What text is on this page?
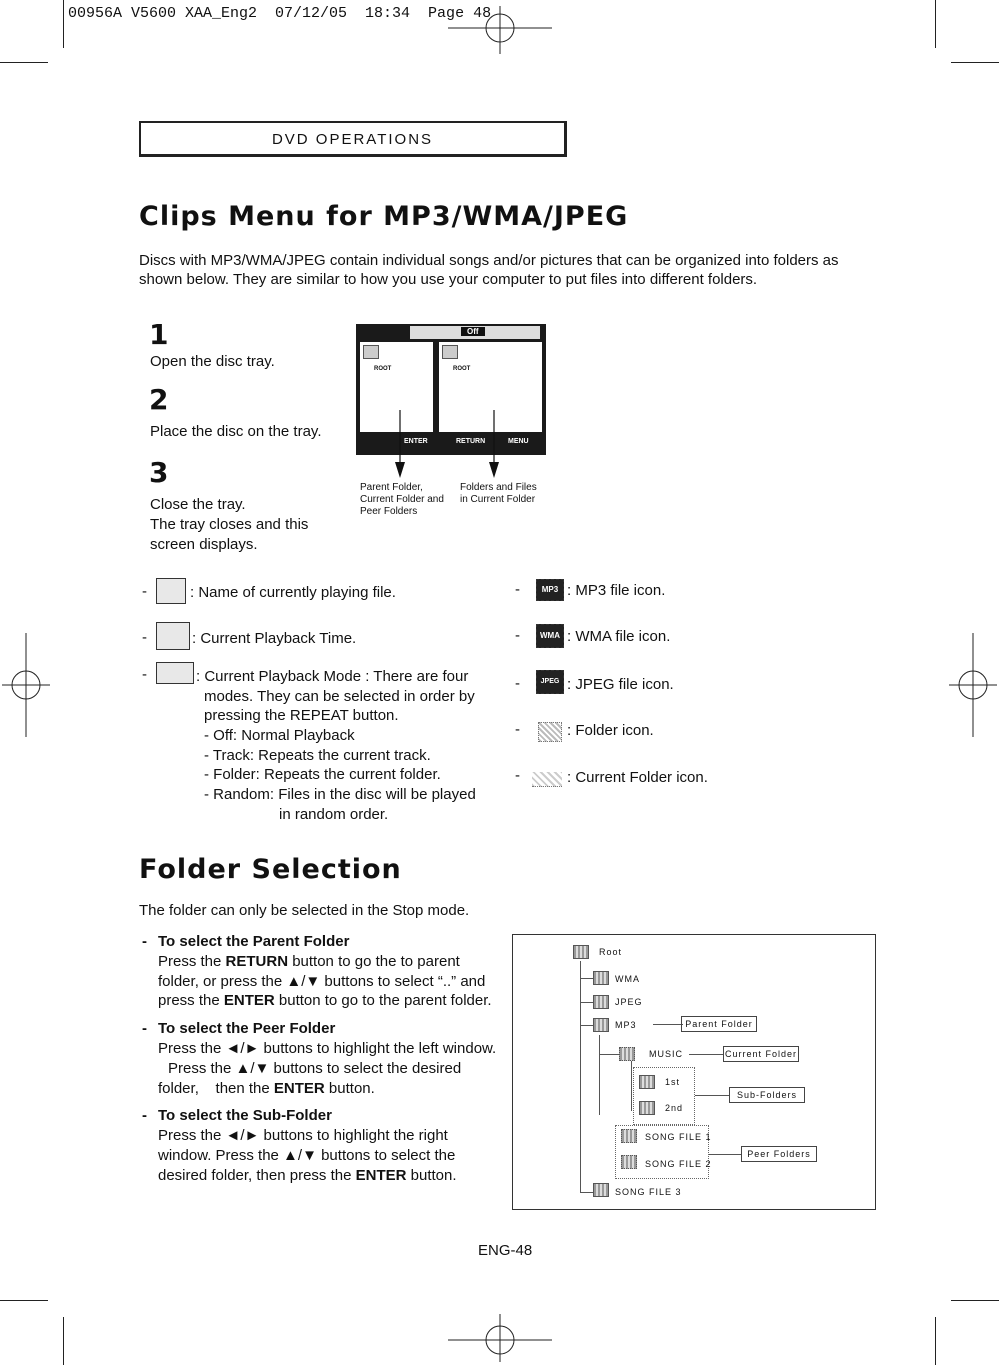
00956A V5600 XAA_Eng2  07/12/05  18:34  Page 48
DVD OPERATIONS
Clips Menu for MP3/WMA/JPEG
Discs with MP3/WMA/JPEG contain individual songs and/or pictures that can be organized into folders as
shown below. They are similar to how you use your computer to put files into different folders.
1
Open the disc tray.
2
Place the disc on the tray.
3
Close the tray.
The tray closes and this
screen displays.
Off
ROOT	ROOT
ENTER	RETURN	MENU
Parent Folder,
Current Folder and
Peer Folders
Folders and Files
in Current Folder
-	: Name of currently playing file.
-	: Current Playback Time.
-	: Current Playback Mode : There are four
modes. They can be selected in order by
pressing the REPEAT button.
- Off: Normal Playback
- Track: Repeats the current track.
- Folder: Repeats the current folder.
- Random: Files in the disc will be played
in random order.
-	MP3 : MP3 file icon.
-	WMA : WMA file icon.
-	JPEG : JPEG file icon.
-	: Folder icon.
-	: Current Folder icon.
Folder Selection
The folder can only be selected in the Stop mode.
- To select the Parent Folder
Press the RETURN button to go the to parent
folder, or press the ▲/▼ buttons to select “..” and
press the ENTER button to go to the parent folder.
- To select the Peer Folder
Press the ◄/► buttons to highlight the left window.
Press the ▲/▼ buttons to select the desired
folder,    then the ENTER button.
- To select the Sub-Folder
Press the ◄/► buttons to highlight the right
window. Press the ▲/▼ buttons to select the
desired folder, then press the ENTER button.
Root
WMA
JPEG
MP3
MUSIC
1st
2nd
SONG FILE 1
SONG FILE 2
SONG FILE 3
Parent Folder
Current Folder
Sub-Folders
Peer Folders
ENG-48
